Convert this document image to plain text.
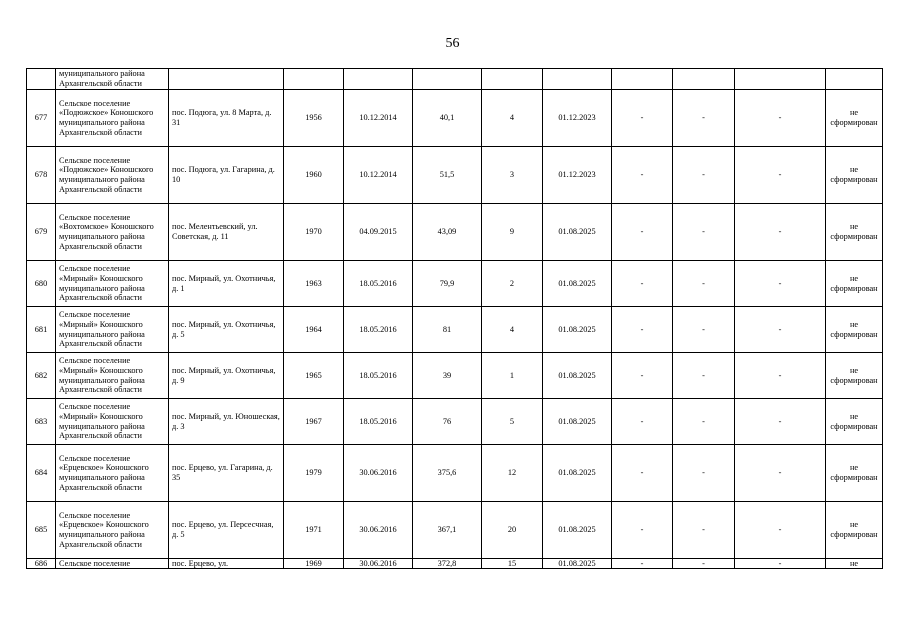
56
	муниципального района Архангельской области										
677	Сельское поселение «Подюжское» Коношского муниципального района Архангельской области	пос. Подюга, ул. 8 Марта, д. 31	1956	10.12.2014	40,1	4	01.12.2023	-	-	-	не сформирован
678	Сельское поселение «Подюжское» Коношского муниципального района Архангельской области	пос. Подюга, ул. Гагарина, д. 10	1960	10.12.2014	51,5	3	01.12.2023	-	-	-	не сформирован
679	Сельское поселение «Вохтомское» Коношского муниципального района Архангельской области	пос. Мелентьевский, ул. Советская, д. 11	1970	04.09.2015	43,09	9	01.08.2025	-	-	-	не сформирован
680	Сельское поселение «Мирный» Коношского муниципального района Архангельской области	пос. Мирный, ул. Охотничья, д. 1	1963	18.05.2016	79,9	2	01.08.2025	-	-	-	не сформирован
681	Сельское поселение «Мирный» Коношского муниципального района Архангельской области	пос. Мирный, ул. Охотничья, д. 5	1964	18.05.2016	81	4	01.08.2025	-	-	-	не сформирован
682	Сельское поселение «Мирный» Коношского муниципального района Архангельской области	пос. Мирный, ул. Охотничья, д. 9	1965	18.05.2016	39	1	01.08.2025	-	-	-	не сформирован
683	Сельское поселение «Мирный» Коношского муниципального района Архангельской области	пос. Мирный, ул. Юношеская, д. 3	1967	18.05.2016	76	5	01.08.2025	-	-	-	не сформирован
684	Сельское поселение «Ерцевское» Коношского муниципального района Архангельской области	пос. Ерцево, ул. Гагарина, д. 35	1979	30.06.2016	375,6	12	01.08.2025	-	-	-	не сформирован
685	Сельское поселение «Ерцевское» Коношского муниципального района Архангельской области	пос. Ерцево, ул. Персесчная, д. 5	1971	30.06.2016	367,1	20	01.08.2025	-	-	-	не сформирован
686	Сельское поселение	пос. Ерцево, ул.	1969	30.06.2016	372,8	15	01.08.2025	-	-	-	не
